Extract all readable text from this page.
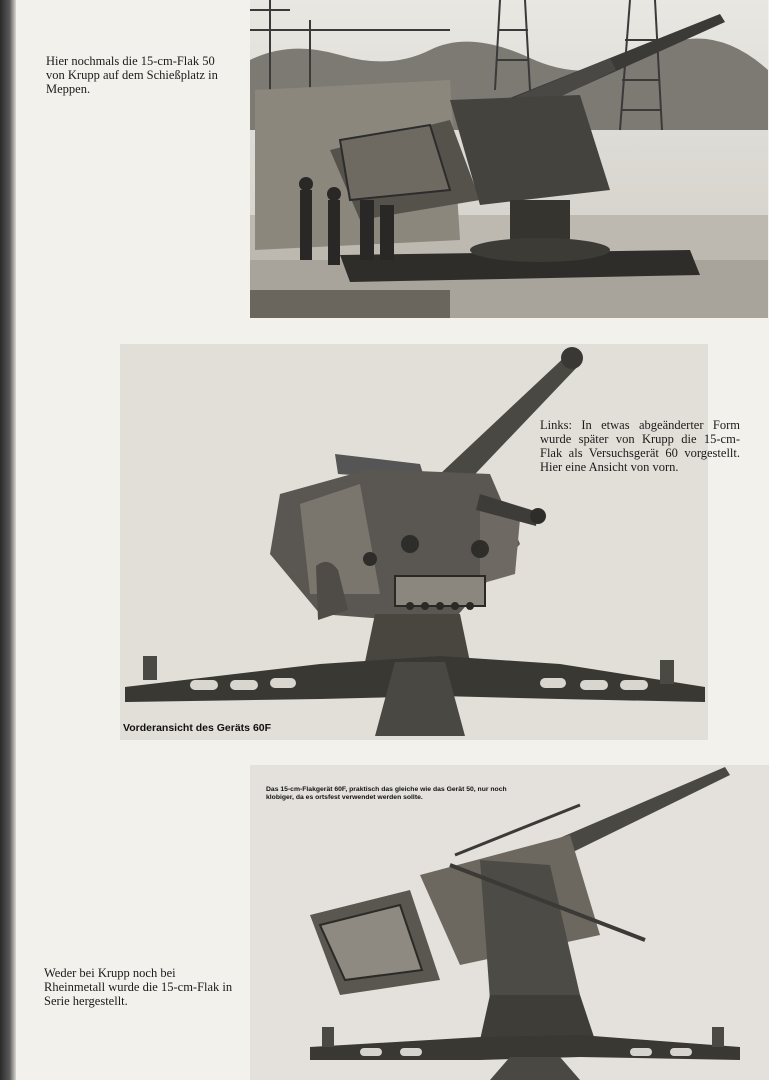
Hier nochmals die 15-cm-Flak 50 von Krupp auf dem Schießplatz in Meppen.

Links: In etwas abgeänderter Form wurde später von Krupp die 15-cm-Flak als Versuchsgerät 60 vorgestellt. Hier eine Ansicht von vorn.

Vorderansicht des Geräts 60F

Das 15-cm-Flakgerät 60F, praktisch das gleiche wie das Gerät 50, nur noch klobiger, da es ortsfest verwendet werden sollte.

Weder bei Krupp noch bei Rheinmetall wurde die 15-cm-Flak in Serie hergestellt.
